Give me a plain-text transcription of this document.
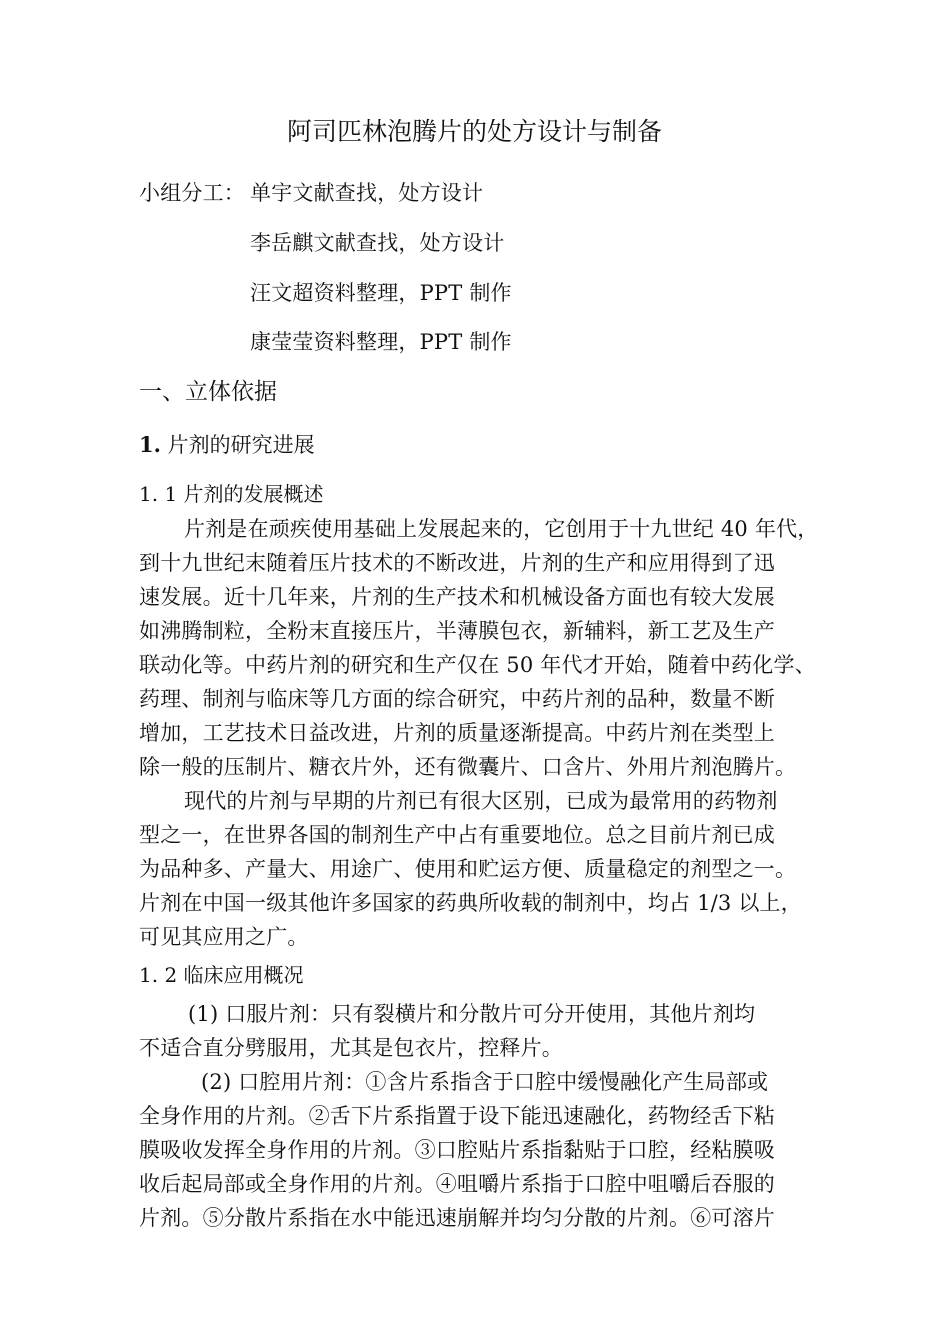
阿司匹林泡腾片的处方设计与制备
小组分工： 单宇文献查找，处方设计
李岳麒文献查找，处方设计
汪文超资料整理，PPT 制作
康莹莹资料整理，PPT 制作
一、立体依据
1. 片剂的研究进展
1. 1 片剂的发展概述
片剂是在顽疾使用基础上发展起来的，它创用于十九世纪 40 年代，
到十九世纪末随着压片技术的不断改进，片剂的生产和应用得到了迅
速发展。近十几年来，片剂的生产技术和机械设备方面也有较大发展
如沸腾制粒，全粉末直接压片，半薄膜包衣，新辅料，新工艺及生产
联动化等。中药片剂的研究和生产仅在 50 年代才开始，随着中药化学、
药理、制剂与临床等几方面的综合研究，中药片剂的品种，数量不断
增加，工艺技术日益改进，片剂的质量逐渐提高。中药片剂在类型上
除一般的压制片、糖衣片外，还有微囊片、口含片、外用片剂泡腾片。
现代的片剂与早期的片剂已有很大区别，已成为最常用的药物剂
型之一，在世界各国的制剂生产中占有重要地位。总之目前片剂已成
为品种多、产量大、用途广、使用和贮运方便、质量稳定的剂型之一。
片剂在中国一级其他许多国家的药典所收载的制剂中，均占 1/3 以上，
可见其应用之广。
1. 2 临床应用概况
(1) 口服片剂：只有裂横片和分散片可分开使用，其他片剂均
不适合直分劈服用，尤其是包衣片，控释片。
(2) 口腔用片剂：①含片系指含于口腔中缓慢融化产生局部或
全身作用的片剂。②舌下片系指置于设下能迅速融化，药物经舌下粘
膜吸收发挥全身作用的片剂。③口腔贴片系指黏贴于口腔，经粘膜吸
收后起局部或全身作用的片剂。④咀嚼片系指于口腔中咀嚼后吞服的
片剂。⑤分散片系指在水中能迅速崩解并均匀分散的片剂。⑥可溶片
